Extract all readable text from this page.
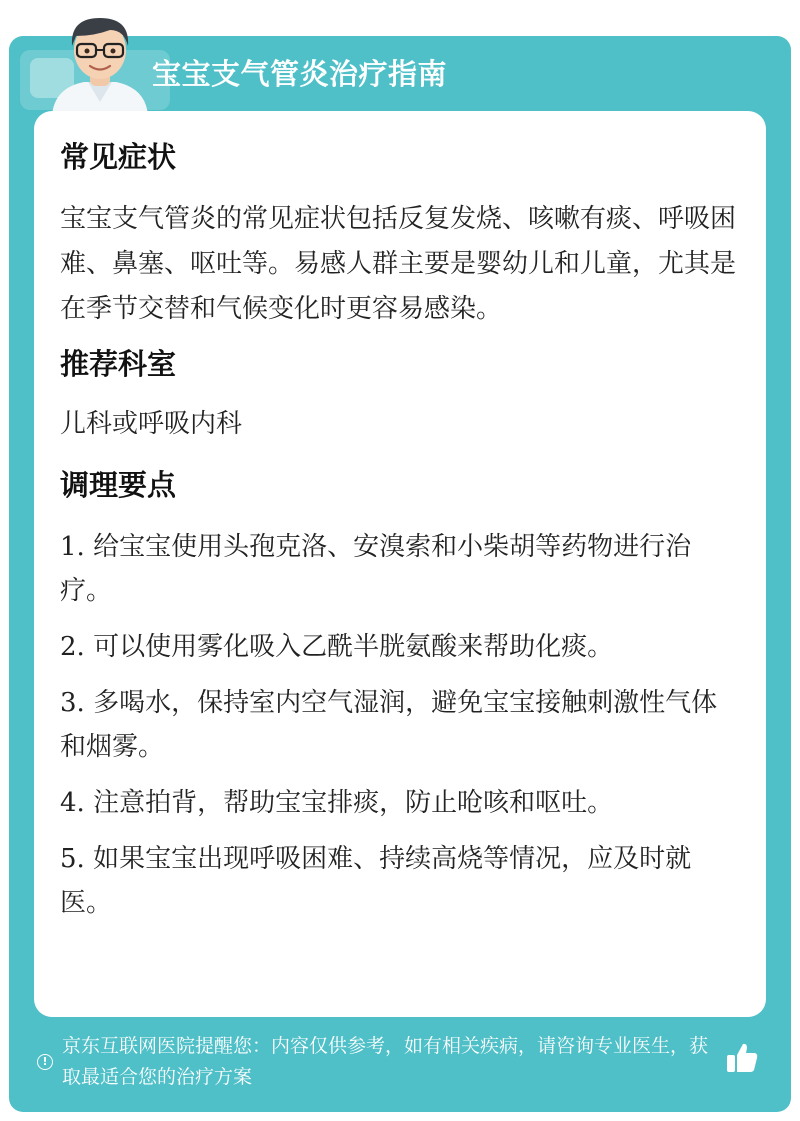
宝宝支气管炎治疗指南
常见症状

宝宝支气管炎的常见症状包括反复发烧、咳嗽有痰、呼吸困难、鼻塞、呕吐等。易感人群主要是婴幼儿和儿童，尤其是在季节交替和气候变化时更容易感染。

推荐科室

儿科或呼吸内科

调理要点

1. 给宝宝使用头孢克洛、安溴索和小柴胡等药物进行治疗。

2. 可以使用雾化吸入乙酰半胱氨酸来帮助化痰。

3. 多喝水，保持室内空气湿润，避免宝宝接触刺激性气体和烟雾。

4. 注意拍背，帮助宝宝排痰，防止呛咳和呕吐。

5. 如果宝宝出现呼吸困难、持续高烧等情况，应及时就医。

!
京东互联网医院提醒您：内容仅供参考，如有相关疾病，请咨询专业医生，获取最适合您的治疗方案
